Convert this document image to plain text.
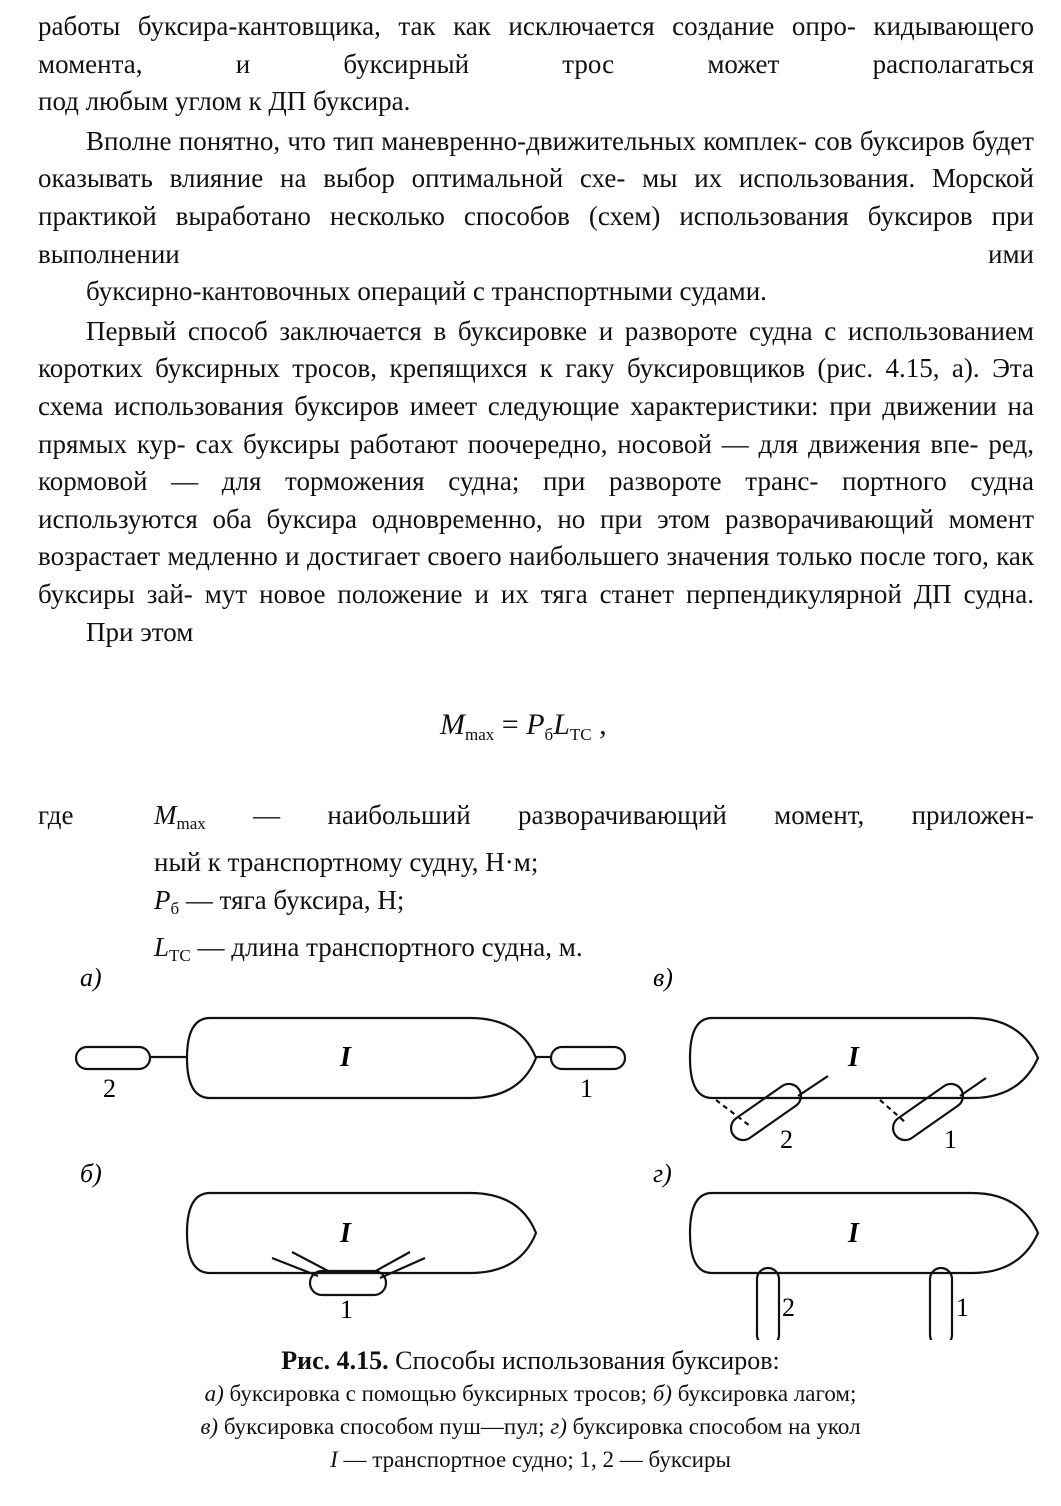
работы буксира-кантовщика, так как исключается создание опро- кидывающего момента, и буксирный трос может располагаться
под любым углом к ДП буксира.

Вполне понятно, что тип маневренно-движительных комплек- сов буксиров будет оказывать влияние на выбор оптимальной схе- мы их использования. Морской практикой выработано несколько способов (схем) использования буксиров при выполнении ими
буксирно-кантовочных операций с транспортными судами.

Первый способ заключается в буксировке и развороте судна с использованием коротких буксирных тросов, крепящихся к гаку буксировщиков (рис. 4.15, а). Эта схема использования буксиров имеет следующие характеристики: при движении на прямых кур- сах буксиры работают поочередно, носовой — для движения впе- ред, кормовой — для торможения судна; при развороте транс- портного судна используются оба буксира одновременно, но при этом разворачивающий момент возрастает медленно и достигает своего наибольшего значения только после того, как буксиры зай- мут новое положение и их тяга станет перпендикулярной ДП судна.

При этом

$M_{max} = P_бL_{ТС}$ ,
где	$M_{max}$ — наибольший разворачивающий момент, приложен-
ный к транспортному судну, Н·м;
$P_б$ — тяга буксира, Н;
$L_{ТС}$ — длина транспортного судна, м.
а)
б)
в)
г)
I
I
I
I
2	1
1
2	1
2	1
Рис. 4.15. Способы использования буксиров:
а) буксировка с помощью буксирных тросов; б) буксировка лагом;
в) буксировка способом пуш—пул; г) буксировка способом на укол
I — транспортное судно; 1, 2 — буксиры
